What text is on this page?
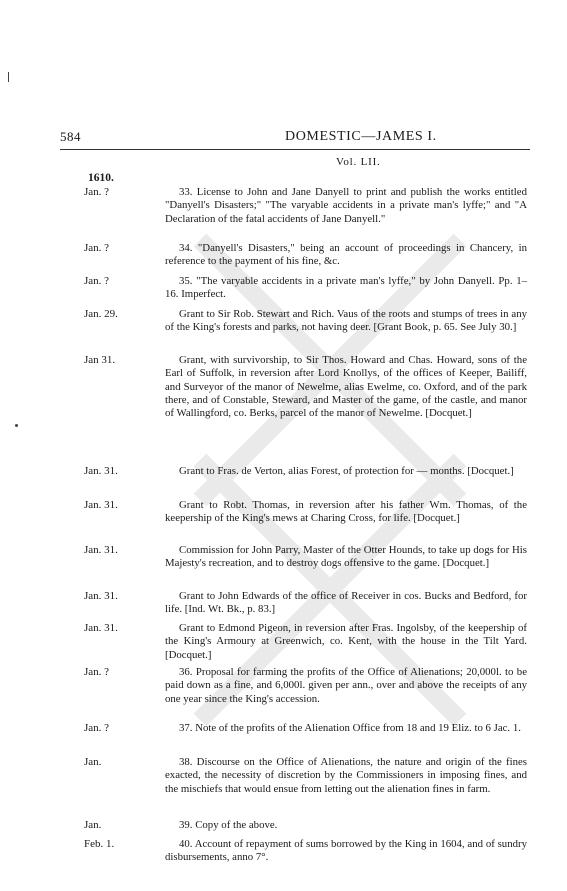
584	DOMESTIC—JAMES I.
Vol. LII.
1610.
Jan. ?	33. License to John and Jane Danyell to print and publish the works entitled "Danyell's Disasters;" "The varyable accidents in a private man's lyffe;" and "A Declaration of the fatal accidents of Jane Danyell."
Jan. ?	34. "Danyell's Disasters," being an account of proceedings in Chancery, in reference to the payment of his fine, &c.
Jan. ?	35. "The varyable accidents in a private man's lyffe," by John Danyell. Pp. 1–16. Imperfect.
Jan. 29.	Grant to Sir Rob. Stewart and Rich. Vaus of the roots and stumps of trees in any of the King's forests and parks, not having deer. [Grant Book, p. 65. See July 30.]
Jan 31.	Grant, with survivorship, to Sir Thos. Howard and Chas. Howard, sons of the Earl of Suffolk, in reversion after Lord Knollys, of the offices of Keeper, Bailiff, and Surveyor of the manor of Newelme, alias Ewelme, co. Oxford, and of the park there, and of Constable, Steward, and Master of the game, of the castle, and manor of Wallingford, co. Berks, parcel of the manor of Newelme. [Docquet.]
Jan. 31.	Grant to Fras. de Verton, alias Forest, of protection for — months. [Docquet.]
Jan. 31.	Grant to Robt. Thomas, in reversion after his father Wm. Thomas, of the keepership of the King's mews at Charing Cross, for life. [Docquet.]
Jan. 31.	Commission for John Parry, Master of the Otter Hounds, to take up dogs for His Majesty's recreation, and to destroy dogs offensive to the game. [Docquet.]
Jan. 31.	Grant to John Edwards of the office of Receiver in cos. Bucks and Bedford, for life. [Ind. Wt. Bk., p. 83.]
Jan. 31.	Grant to Edmond Pigeon, in reversion after Fras. Ingolsby, of the keepership of the King's Armoury at Greenwich, co. Kent, with the house in the Tilt Yard. [Docquet.]
Jan. ?	36. Proposal for farming the profits of the Office of Alienations; 20,000l. to be paid down as a fine, and 6,000l. given per ann., over and above the receipts of any one year since the King's accession.
Jan. ?	37. Note of the profits of the Alienation Office from 18 and 19 Eliz. to 6 Jac. 1.
Jan.	38. Discourse on the Office of Alienations, the nature and origin of the fines exacted, the necessity of discretion by the Commissioners in imposing fines, and the mischiefs that would ensue from letting out the alienation fines in farm.
Jan.	39. Copy of the above.
Feb. 1.	40. Account of repayment of sums borrowed by the King in 1604, and of sundry disbursements, anno 7°.
